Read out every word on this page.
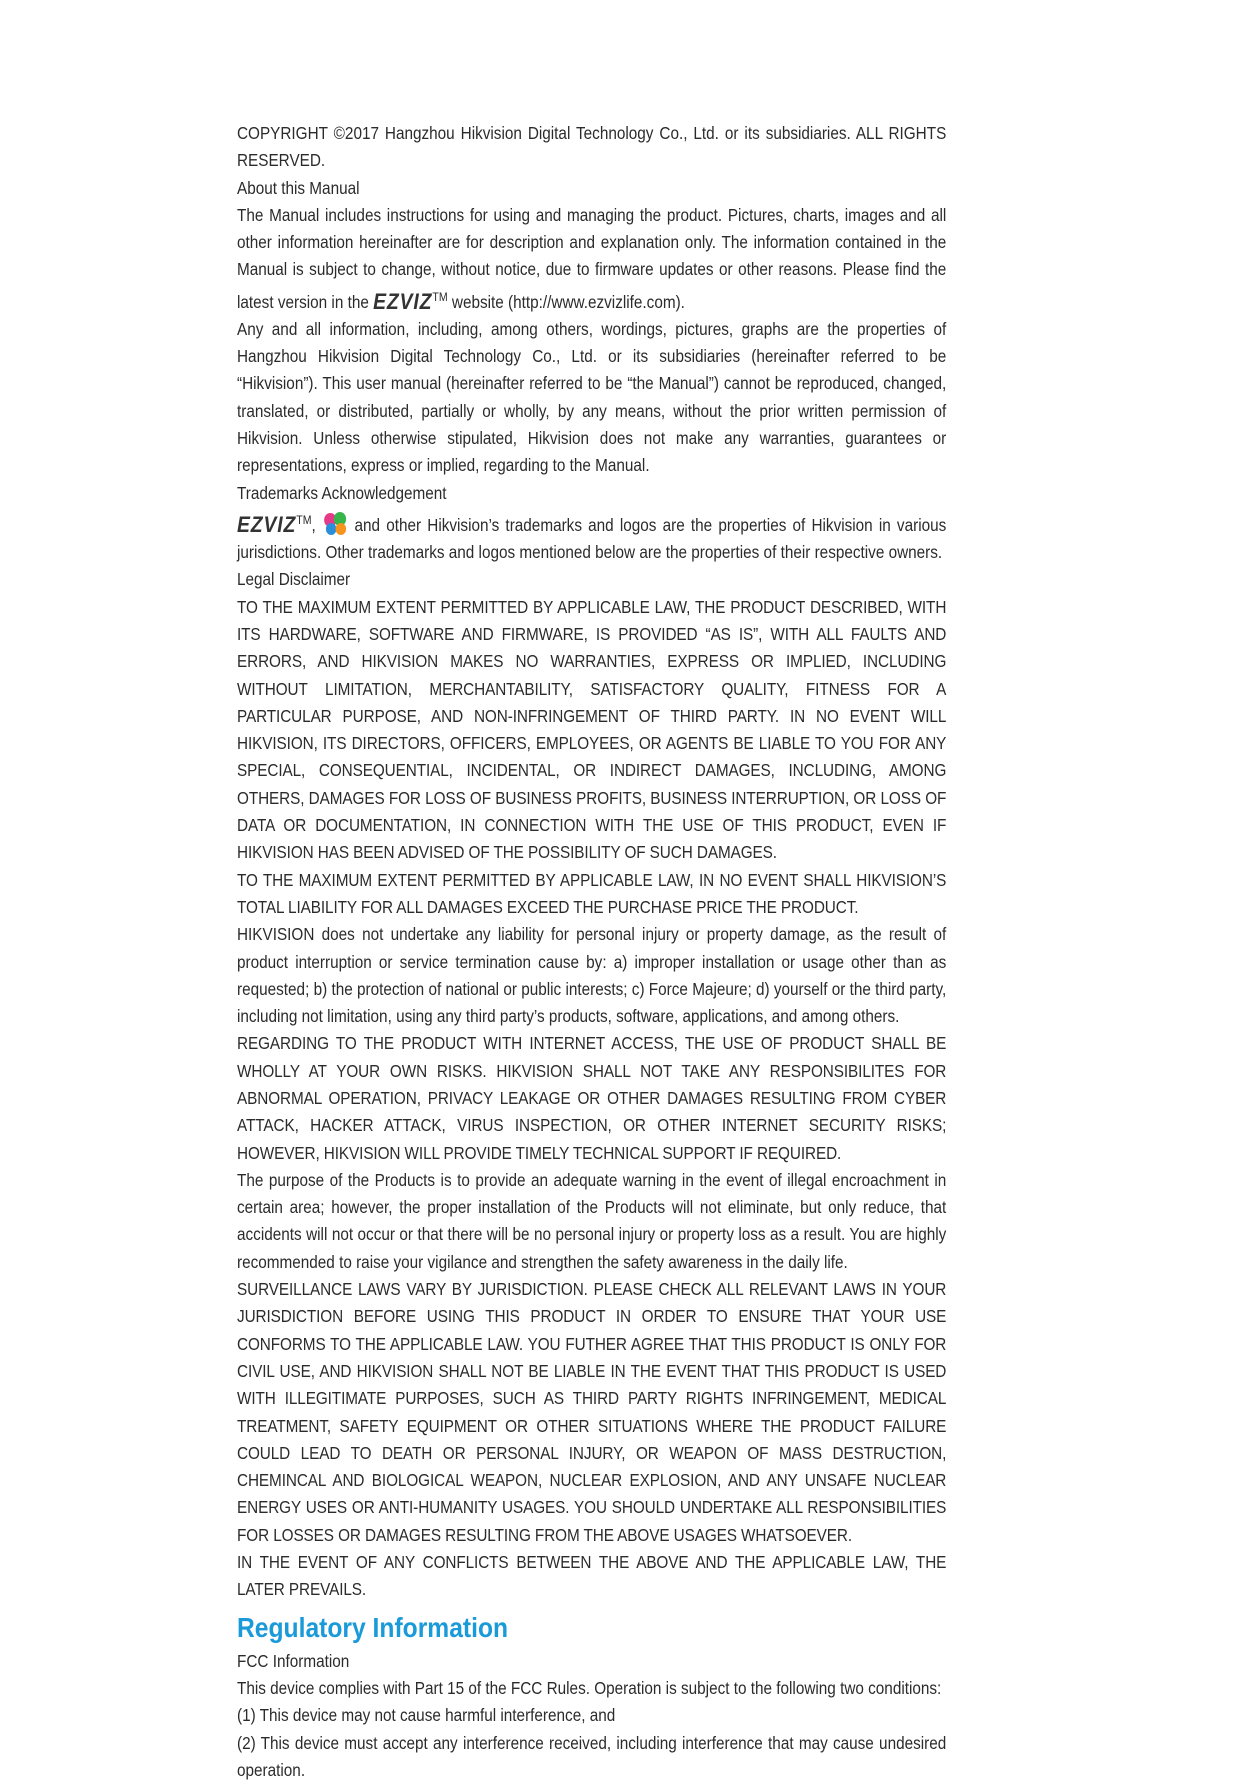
COPYRIGHT ©2017 Hangzhou Hikvision Digital Technology Co., Ltd. or its subsidiaries. ALL RIGHTS RESERVED.
About this Manual
The Manual includes instructions for using and managing the product. Pictures, charts, images and all other information hereinafter are for description and explanation only. The information contained in the Manual is subject to change, without notice, due to firmware updates or other reasons. Please find the latest version in the EZVIZ™ website (http://www.ezvizlife.com).
Any and all information, including, among others, wordings, pictures, graphs are the properties of Hangzhou Hikvision Digital Technology Co., Ltd. or its subsidiaries (hereinafter referred to be “Hikvision”). This user manual (hereinafter referred to be “the Manual”) cannot be reproduced, changed, translated, or distributed, partially or wholly, by any means, without the prior written permission of Hikvision. Unless otherwise stipulated, Hikvision does not make any warranties, guarantees or representations, express or implied, regarding to the Manual.
Trademarks Acknowledgement
EZVIZ™, and other Hikvision’s trademarks and logos are the properties of Hikvision in various jurisdictions. Other trademarks and logos mentioned below are the properties of their respective owners.
Legal Disclaimer
TO THE MAXIMUM EXTENT PERMITTED BY APPLICABLE LAW, THE PRODUCT DESCRIBED, WITH ITS HARDWARE, SOFTWARE AND FIRMWARE, IS PROVIDED “AS IS”, WITH ALL FAULTS AND ERRORS, AND HIKVISION MAKES NO WARRANTIES, EXPRESS OR IMPLIED, INCLUDING WITHOUT LIMITATION, MERCHANTABILITY, SATISFACTORY QUALITY, FITNESS FOR A PARTICULAR PURPOSE, AND NON-INFRINGEMENT OF THIRD PARTY. IN NO EVENT WILL HIKVISION, ITS DIRECTORS, OFFICERS, EMPLOYEES, OR AGENTS BE LIABLE TO YOU FOR ANY SPECIAL, CONSEQUENTIAL, INCIDENTAL, OR INDIRECT DAMAGES, INCLUDING, AMONG OTHERS, DAMAGES FOR LOSS OF BUSINESS PROFITS, BUSINESS INTERRUPTION, OR LOSS OF DATA OR DOCUMENTATION, IN CONNECTION WITH THE USE OF THIS PRODUCT, EVEN IF HIKVISION HAS BEEN ADVISED OF THE POSSIBILITY OF SUCH DAMAGES.
TO THE MAXIMUM EXTENT PERMITTED BY APPLICABLE LAW, IN NO EVENT SHALL HIKVISION’S TOTAL LIABILITY FOR ALL DAMAGES EXCEED THE PURCHASE PRICE THE PRODUCT.
HIKVISION does not undertake any liability for personal injury or property damage, as the result of product interruption or service termination cause by: a) improper installation or usage other than as requested; b) the protection of national or public interests; c) Force Majeure; d) yourself or the third party, including not limitation, using any third party’s products, software, applications, and among others.
REGARDING TO THE PRODUCT WITH INTERNET ACCESS, THE USE OF PRODUCT SHALL BE WHOLLY AT YOUR OWN RISKS. HIKVISION SHALL NOT TAKE ANY RESPONSIBILITES FOR ABNORMAL OPERATION, PRIVACY LEAKAGE OR OTHER DAMAGES RESULTING FROM CYBER ATTACK, HACKER ATTACK, VIRUS INSPECTION, OR OTHER INTERNET SECURITY RISKS; HOWEVER, HIKVISION WILL PROVIDE TIMELY TECHNICAL SUPPORT IF REQUIRED.
The purpose of the Products is to provide an adequate warning in the event of illegal encroachment in certain area; however, the proper installation of the Products will not eliminate, but only reduce, that accidents will not occur or that there will be no personal injury or property loss as a result. You are highly recommended to raise your vigilance and strengthen the safety awareness in the daily life.
SURVEILLANCE LAWS VARY BY JURISDICTION. PLEASE CHECK ALL RELEVANT LAWS IN YOUR JURISDICTION BEFORE USING THIS PRODUCT IN ORDER TO ENSURE THAT YOUR USE CONFORMS TO THE APPLICABLE LAW. YOU FUTHER AGREE THAT THIS PRODUCT IS ONLY FOR CIVIL USE, AND HIKVISION SHALL NOT BE LIABLE IN THE EVENT THAT THIS PRODUCT IS USED WITH ILLEGITIMATE PURPOSES, SUCH AS THIRD PARTY RIGHTS INFRINGEMENT, MEDICAL TREATMENT, SAFETY EQUIPMENT OR OTHER SITUATIONS WHERE THE PRODUCT FAILURE COULD LEAD TO DEATH OR PERSONAL INJURY, OR WEAPON OF MASS DESTRUCTION, CHEMINCAL AND BIOLOGICAL WEAPON, NUCLEAR EXPLOSION, AND ANY UNSAFE NUCLEAR ENERGY USES OR ANTI-HUMANITY USAGES. YOU SHOULD UNDERTAKE ALL RESPONSIBILITIES FOR LOSSES OR DAMAGES RESULTING FROM THE ABOVE USAGES WHATSOEVER.
IN THE EVENT OF ANY CONFLICTS BETWEEN THE ABOVE AND THE APPLICABLE LAW, THE LATER PREVAILS.
Regulatory Information
FCC Information
This device complies with Part 15 of the FCC Rules. Operation is subject to the following two conditions:
(1) This device may not cause harmful interference, and
(2) This device must accept any interference received, including interference that may cause undesired operation.
